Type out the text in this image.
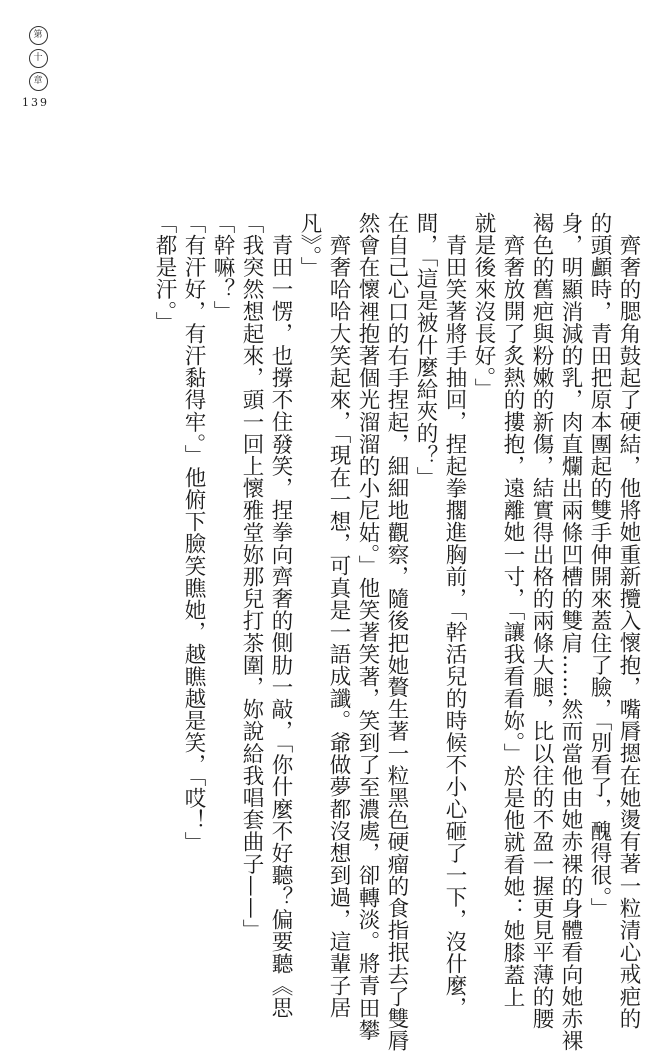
第
十
章
139
「都是汗。」 「有汗好，有汗黏得牢。」他俯下臉笑瞧她，越瞧越是笑，「哎！」 「幹嘛？」 「我突然想起來，頭一回上懷雅堂妳那兒打茶圍，妳說給我唱套曲子——」 青田一愣，也撐不住發笑，捏拳向齊奢的側肋一敲，「你什麼不好聽？偏要聽《思 凡》。」 齊奢哈哈大笑起來，「現在一想，可真是一語成讖。爺做夢都沒想到過，這輩子居 然會在懷裡抱著個光溜溜的小尼姑。」他笑著笑著，笑到了至濃處，卻轉淡。將青田攀 在自己心口的右手捏起，細細地觀察，隨後把她贅生著一粒黑色硬瘤的食指抿去了雙脣 間，「這是被什麼給夾的？」 青田笑著將手抽回，捏起拳擱進胸前，「幹活兒的時候不小心砸了一下，沒什麼， 就是後來沒長好。」 齊奢放開了炙熱的摟抱，遠離她一寸，「讓我看看妳。」於是他就看她：她膝蓋上 褐色的舊疤與粉嫩的新傷，結實得出格的兩條大腿，比以往的不盈一握更見平薄的腰 身，明顯消減的乳，肉直爛出兩條凹槽的雙肩……然而當他由她赤裸的身體看向她赤裸 的頭顱時，青田把原本團起的雙手伸開來蓋住了臉，「別看了，醜得很。」 齊奢的腮角鼓起了硬結，他將她重新攬入懷抱，嘴脣摁在她燙有著一粒清心戒疤的
